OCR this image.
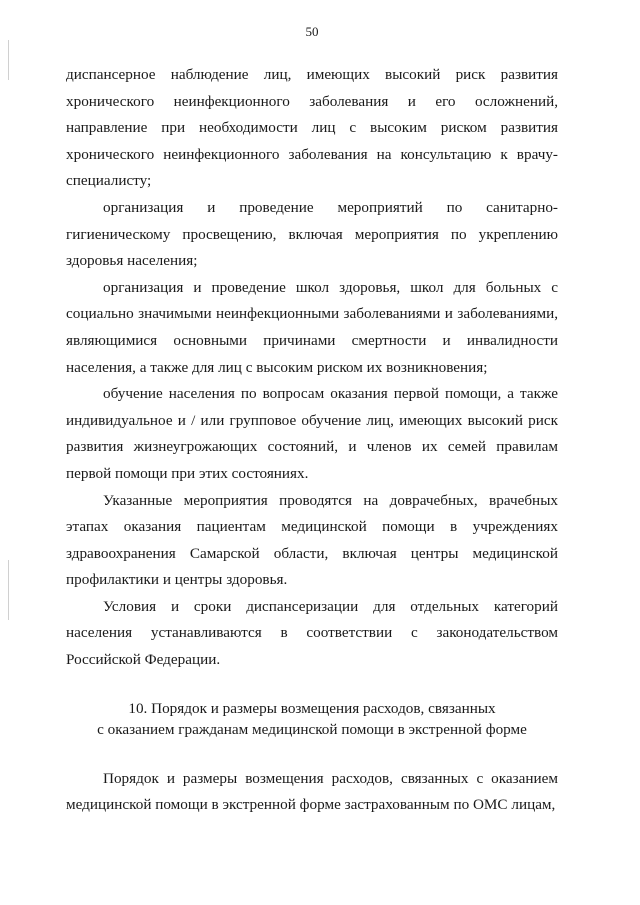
50

диспансерное наблюдение лиц, имеющих высокий риск развития хронического неинфекционного заболевания и его осложнений, направление при необходимости лиц с высоким риском развития хронического неинфекционного заболевания на консультацию к врачу-специалисту;

организация и проведение мероприятий по санитарно-гигиеническому просвещению, включая мероприятия по укреплению здоровья населения;

организация и проведение школ здоровья, школ для больных с социально значимыми неинфекционными заболеваниями и заболеваниями, являющимися основными причинами смертности и инвалидности населения, а также для лиц с высоким риском их возникновения;

обучение населения по вопросам оказания первой помощи, а также индивидуальное и / или групповое обучение лиц, имеющих высокий риск развития жизнеугрожающих состояний, и членов их семей правилам первой помощи при этих состояниях.

Указанные мероприятия проводятся на доврачебных, врачебных этапах оказания пациентам медицинской помощи в учреждениях здравоохранения Самарской области, включая центры медицинской профилактики и центры здоровья.

Условия и сроки диспансеризации для отдельных категорий населения устанавливаются в соответствии с законодательством Российской Федерации.

10. Порядок и размеры возмещения расходов, связанных
с оказанием гражданам медицинской помощи в экстренной форме

Порядок и размеры возмещения расходов, связанных с оказанием медицинской помощи в экстренной форме застрахованным по ОМС лицам,
